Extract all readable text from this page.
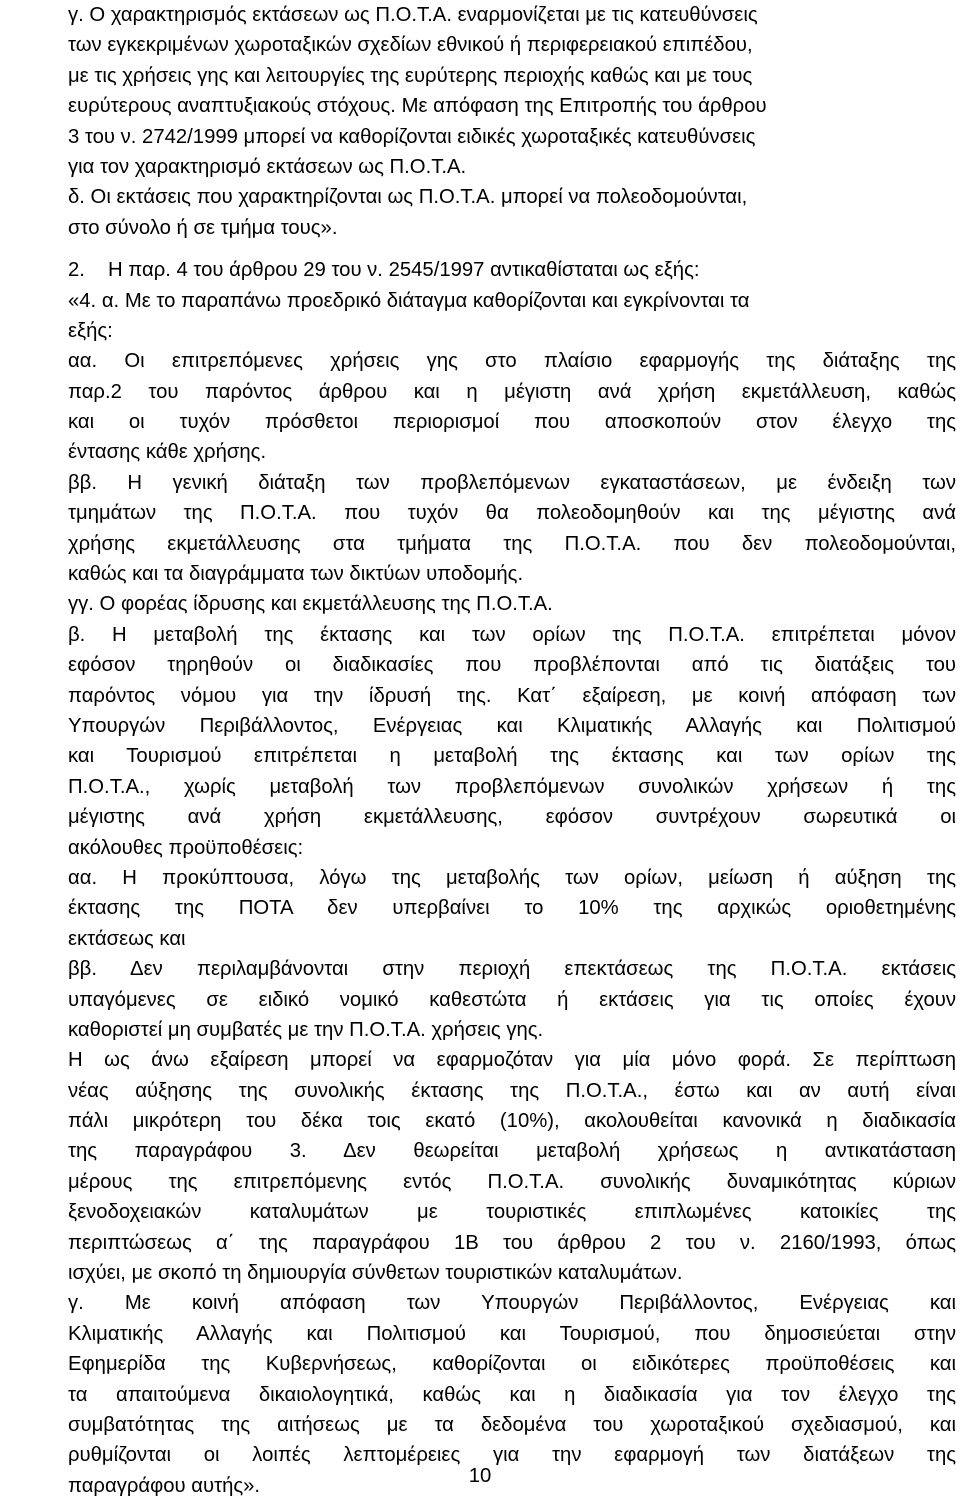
γ. Ο χαρακτηρισμός εκτάσεων ως Π.Ο.Τ.Α. εναρμονίζεται με τις κατευθύνσεις
των εγκεκριμένων χωροταξικών σχεδίων εθνικού ή περιφερειακού επιπέδου,
με τις χρήσεις γης και λειτουργίες της ευρύτερης περιοχής καθώς και με τους
ευρύτερους αναπτυξιακούς στόχους. Με απόφαση της Επιτροπής του άρθρου
3 του ν. 2742/1999 μπορεί να καθορίζονται ειδικές χωροταξικές κατευθύνσεις
για τον χαρακτηρισμό εκτάσεων ως Π.Ο.Τ.Α.
δ. Οι εκτάσεις που χαρακτηρίζονται ως Π.Ο.Τ.Α. μπορεί να πολεοδομούνται,
στο σύνολο ή σε τμήμα τους».
2. Η παρ. 4 του άρθρου 29 του ν. 2545/1997 αντικαθίσταται ως εξής:
«4. α. Με το παραπάνω προεδρικό διάταγμα καθορίζονται και εγκρίνονται τα
εξής:
αα. Οι επιτρεπόμενες χρήσεις γης στο πλαίσιο εφαρμογής της διάταξης της
παρ.2 του παρόντος άρθρου και η μέγιστη ανά χρήση εκμετάλλευση, καθώς
και οι τυχόν πρόσθετοι περιορισμοί που αποσκοπούν στον έλεγχο της
έντασης κάθε χρήσης.
ββ. Η γενική διάταξη των προβλεπόμενων εγκαταστάσεων, με ένδειξη των
τμημάτων της Π.Ο.Τ.Α. που τυχόν θα πολεοδομηθούν και της μέγιστης ανά
χρήσης εκμετάλλευσης στα τμήματα της Π.Ο.Τ.Α. που δεν πολεοδομούνται,
καθώς και τα διαγράμματα των δικτύων υποδομής.
γγ. Ο φορέας ίδρυσης και εκμετάλλευσης της Π.Ο.Τ.Α.
β. Η μεταβολή της έκτασης και των ορίων της Π.Ο.Τ.Α. επιτρέπεται μόνον
εφόσον τηρηθούν οι διαδικασίες που προβλέπονται από τις διατάξεις του
παρόντος νόμου για την ίδρυσή της. Κατ΄ εξαίρεση, με κοινή απόφαση των
Υπουργών Περιβάλλοντος, Ενέργειας και Κλιματικής Αλλαγής και Πολιτισμού
και Τουρισμού επιτρέπεται η μεταβολή της έκτασης και των ορίων της
Π.Ο.Τ.Α., χωρίς μεταβολή των προβλεπόμενων συνολικών χρήσεων ή της
μέγιστης ανά χρήση εκμετάλλευσης, εφόσον συντρέχουν σωρευτικά οι
ακόλουθες προϋποθέσεις:
αα. Η προκύπτουσα, λόγω της μεταβολής των ορίων, μείωση ή αύξηση της
έκτασης της ΠΟΤΑ δεν υπερβαίνει το 10% της αρχικώς οριοθετημένης
εκτάσεως και
ββ. Δεν περιλαμβάνονται στην περιοχή επεκτάσεως της Π.Ο.Τ.Α. εκτάσεις
υπαγόμενες σε ειδικό νομικό καθεστώτα ή εκτάσεις για τις οποίες έχουν
καθοριστεί μη συμβατές με την Π.Ο.Τ.Α. χρήσεις γης.
Η ως άνω εξαίρεση μπορεί να εφαρμοζόταν για μία μόνο φορά. Σε περίπτωση
νέας αύξησης της συνολικής έκτασης της Π.Ο.Τ.Α., έστω και αν αυτή είναι
πάλι μικρότερη του δέκα τοις εκατό (10%), ακολουθείται κανονικά η διαδικασία
της παραγράφου 3. Δεν θεωρείται μεταβολή χρήσεως η αντικατάσταση
μέρους της επιτρεπόμενης εντός Π.Ο.Τ.Α. συνολικής δυναμικότητας κύριων
ξενοδοχειακών καταλυμάτων με τουριστικές επιπλωμένες κατοικίες της
περιπτώσεως α΄ της παραγράφου 1Β του άρθρου 2 του ν. 2160/1993, όπως
ισχύει, με σκοπό τη δημιουργία σύνθετων τουριστικών καταλυμάτων.
γ. Με κοινή απόφαση των Υπουργών Περιβάλλοντος, Ενέργειας και
Κλιματικής Αλλαγής και Πολιτισμού και Τουρισμού, που δημοσιεύεται στην
Εφημερίδα της Κυβερνήσεως, καθορίζονται οι ειδικότερες προϋποθέσεις και
τα απαιτούμενα δικαιολογητικά, καθώς και η διαδικασία για τον έλεγχο της
συμβατότητας της αιτήσεως με τα δεδομένα του χωροταξικού σχεδιασμού, και
ρυθμίζονται οι λοιπές λεπτομέρειες για την εφαρμογή των διατάξεων της
παραγράφου αυτής».	10
